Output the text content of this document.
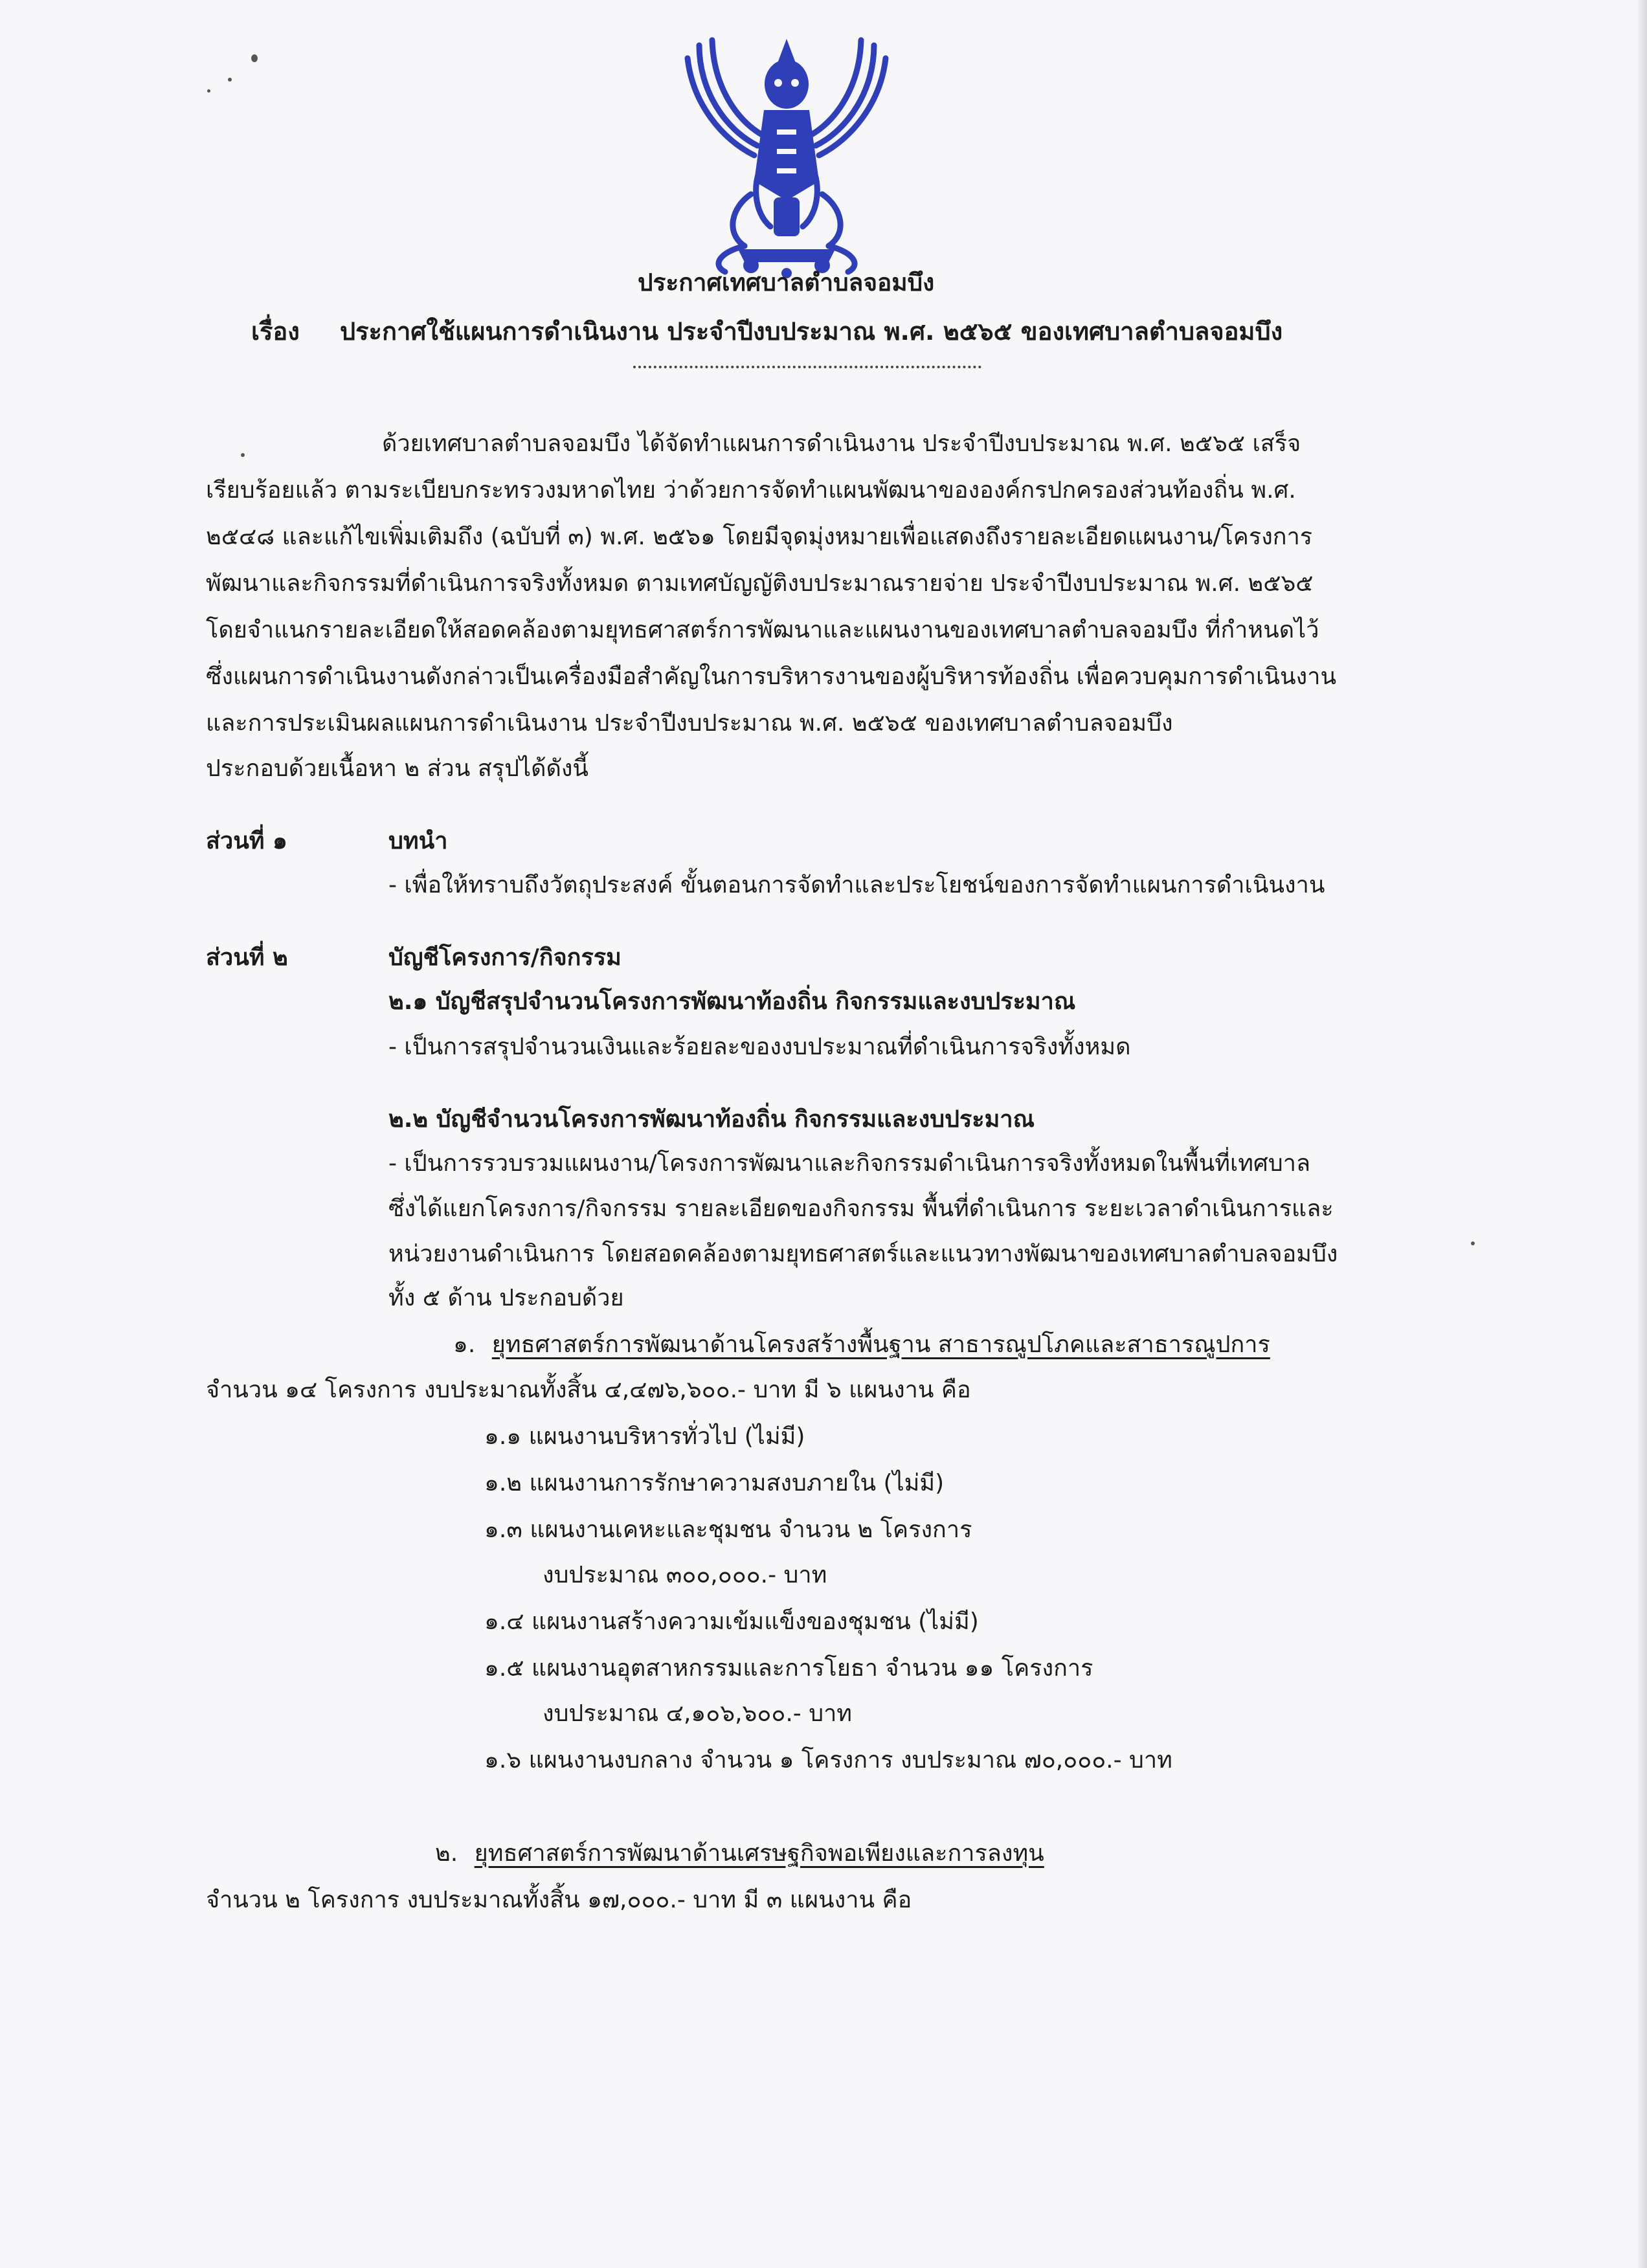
ประกาศเทศบาลตำบลจอมบึง
เรื่อง ประกาศใช้แผนการดำเนินงาน ประจำปีงบประมาณ พ.ศ. ๒๕๖๕ ของเทศบาลตำบลจอมบึง
ด้วยเทศบาลตำบลจอมบึง ได้จัดทำแผนการดำเนินงาน ประจำปีงบประมาณ พ.ศ. ๒๕๖๕ เสร็จ
เรียบร้อยแล้ว ตามระเบียบกระทรวงมหาดไทย ว่าด้วยการจัดทำแผนพัฒนาขององค์กรปกครองส่วนท้องถิ่น พ.ศ.
๒๕๔๘ และแก้ไขเพิ่มเติมถึง (ฉบับที่ ๓) พ.ศ. ๒๕๖๑ โดยมีจุดมุ่งหมายเพื่อแสดงถึงรายละเอียดแผนงาน/โครงการ
พัฒนาและกิจกรรมที่ดำเนินการจริงทั้งหมด ตามเทศบัญญัติงบประมาณรายจ่าย ประจำปีงบประมาณ พ.ศ. ๒๕๖๕
โดยจำแนกรายละเอียดให้สอดคล้องตามยุทธศาสตร์การพัฒนาและแผนงานของเทศบาลตำบลจอมบึง ที่กำหนดไว้
ซึ่งแผนการดำเนินงานดังกล่าวเป็นเครื่องมือสำคัญในการบริหารงานของผู้บริหารท้องถิ่น เพื่อควบคุมการดำเนินงาน
และการประเมินผลแผนการดำเนินงาน ประจำปีงบประมาณ พ.ศ. ๒๕๖๕ ของเทศบาลตำบลจอมบึง
ประกอบด้วยเนื้อหา ๒ ส่วน สรุปได้ดังนี้
ส่วนที่ ๑	บทนำ
- เพื่อให้ทราบถึงวัตถุประสงค์ ขั้นตอนการจัดทำและประโยชน์ของการจัดทำแผนการดำเนินงาน
ส่วนที่ ๒	บัญชีโครงการ/กิจกรรม
๒.๑ บัญชีสรุปจำนวนโครงการพัฒนาท้องถิ่น กิจกรรมและงบประมาณ
- เป็นการสรุปจำนวนเงินและร้อยละของงบประมาณที่ดำเนินการจริงทั้งหมด
๒.๒ บัญชีจำนวนโครงการพัฒนาท้องถิ่น กิจกรรมและงบประมาณ
- เป็นการรวบรวมแผนงาน/โครงการพัฒนาและกิจกรรมดำเนินการจริงทั้งหมดในพื้นที่เทศบาล
ซึ่งได้แยกโครงการ/กิจกรรม รายละเอียดของกิจกรรม พื้นที่ดำเนินการ ระยะเวลาดำเนินการและ
หน่วยงานดำเนินการ โดยสอดคล้องตามยุทธศาสตร์และแนวทางพัฒนาของเทศบาลตำบลจอมบึง
ทั้ง ๕ ด้าน ประกอบด้วย
๑. ยุทธศาสตร์การพัฒนาด้านโครงสร้างพื้นฐาน สาธารณูปโภคและสาธารณูปการ
จำนวน ๑๔ โครงการ งบประมาณทั้งสิ้น ๔,๔๗๖,๖๐๐.- บาท มี ๖ แผนงาน คือ
๑.๑ แผนงานบริหารทั่วไป (ไม่มี)
๑.๒ แผนงานการรักษาความสงบภายใน (ไม่มี)
๑.๓ แผนงานเคหะและชุมชน จำนวน ๒ โครงการ
งบประมาณ ๓๐๐,๐๐๐.- บาท
๑.๔ แผนงานสร้างความเข้มแข็งของชุมชน (ไม่มี)
๑.๕ แผนงานอุตสาหกรรมและการโยธา จำนวน ๑๑ โครงการ
งบประมาณ ๔,๑๐๖,๖๐๐.- บาท
๑.๖ แผนงานงบกลาง จำนวน ๑ โครงการ งบประมาณ ๗๐,๐๐๐.- บาท
๒. ยุทธศาสตร์การพัฒนาด้านเศรษฐกิจพอเพียงและการลงทุน
จำนวน ๒ โครงการ งบประมาณทั้งสิ้น ๑๗,๐๐๐.- บาท มี ๓ แผนงาน คือ
